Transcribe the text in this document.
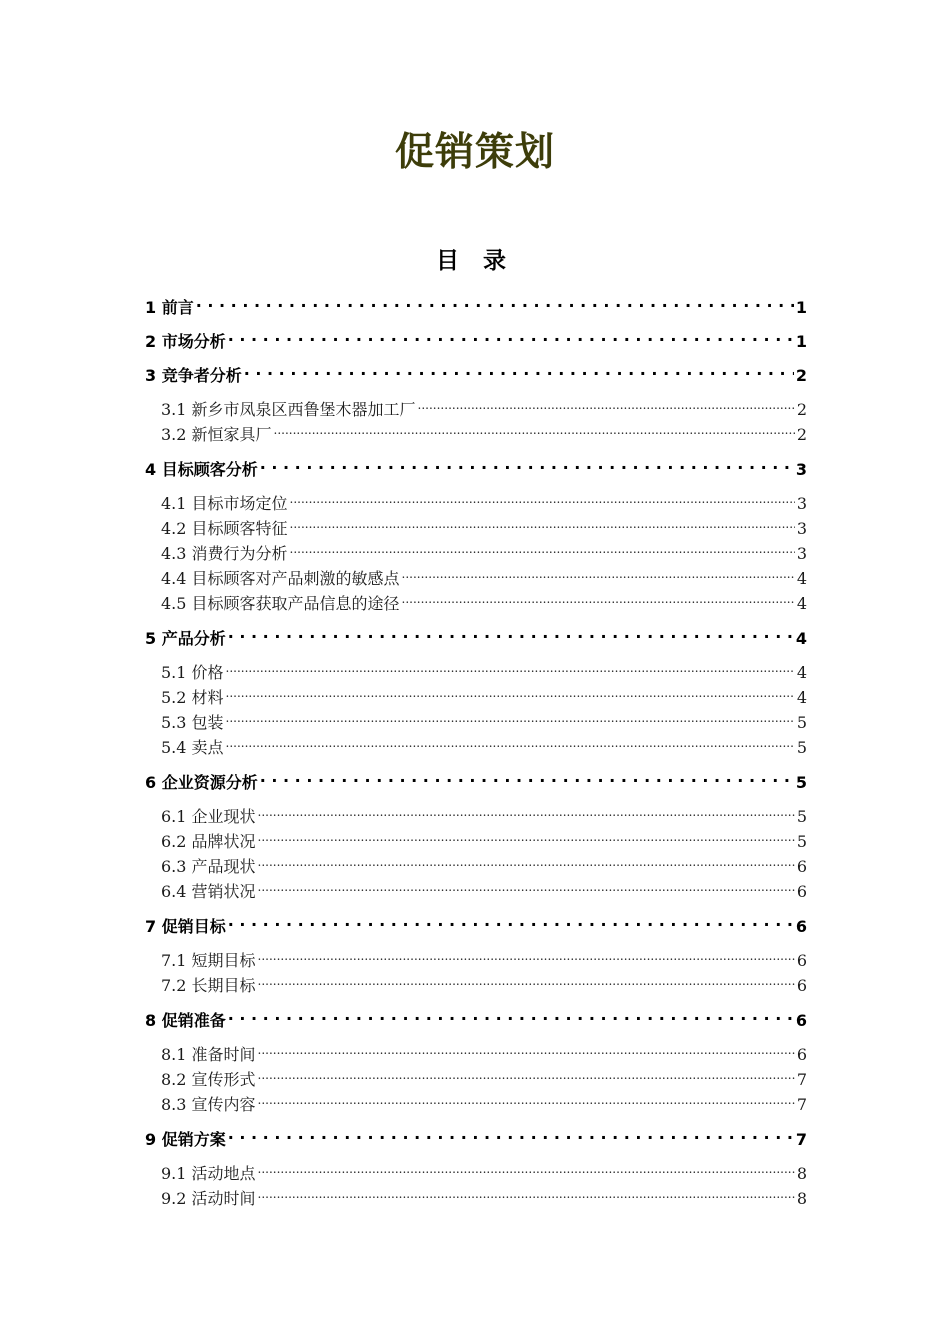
促销策划
目 录
1 前言 . . .	1
2 市场分析 . . .	1
3 竞争者分析 . . .	2
3.1 新乡市凤泉区西鲁堡木器加工厂 .....	2
3.2 新恒家具厂 .....	2
4 目标顾客分析 . . .	3
4.1 目标市场定位 .....	3
4.2 目标顾客特征 .....	3
4.3 消费行为分析 .....	3
4.4 目标顾客对产品刺激的敏感点 .....	4
4.5 目标顾客获取产品信息的途径 .....	4
5 产品分析 . . .	4
5.1 价格 .....	4
5.2 材料 .....	4
5.3 包装 .....	5
5.4 卖点 .....	5
6 企业资源分析 . . .	5
6.1 企业现状 .....	5
6.2 品牌状况 .....	5
6.3 产品现状 .....	6
6.4 营销状况 .....	6
7 促销目标 . . .	6
7.1 短期目标 .....	6
7.2 长期目标 .....	6
8 促销准备 . . .	6
8.1 准备时间 .....	6
8.2 宣传形式 .....	7
8.3 宣传内容 .....	7
9 促销方案 . . .	7
9.1 活动地点 .....	8
9.2 活动时间 .....	8
